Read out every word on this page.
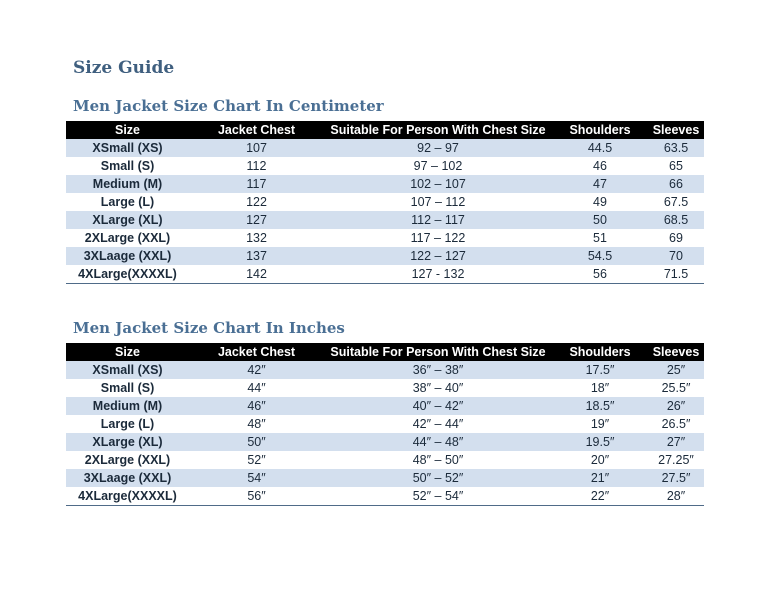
Size Guide
Men Jacket Size Chart In Centimeter
Size	Jacket Chest	Suitable For Person With Chest Size	Shoulders	Sleeves
XSmall (XS)	107	92 – 97	44.5	63.5
Small (S)	112	97 – 102	46	65
Medium (M)	117	102 – 107	47	66
Large (L)	122	107 – 112	49	67.5
XLarge (XL)	127	112 – 117	50	68.5
2XLarge (XXL)	132	117 – 122	51	69
3XLaage (XXL)	137	122 – 127	54.5	70
4XLarge(XXXXL)	142	127 - 132	56	71.5
Men Jacket Size Chart In Inches
Size	Jacket Chest	Suitable For Person With Chest Size	Shoulders	Sleeves
XSmall (XS)	42″	36″ – 38″	17.5″	25″
Small (S)	44″	38″ – 40″	18″	25.5″
Medium (M)	46″	40″ – 42″	18.5″	26″
Large (L)	48″	42″ – 44″	19″	26.5″
XLarge (XL)	50″	44″ – 48″	19.5″	27″
2XLarge (XXL)	52″	48″ – 50″	20″	27.25″
3XLaage (XXL)	54″	50″ – 52″	21″	27.5″
4XLarge(XXXXL)	56″	52″ – 54″	22″	28″
